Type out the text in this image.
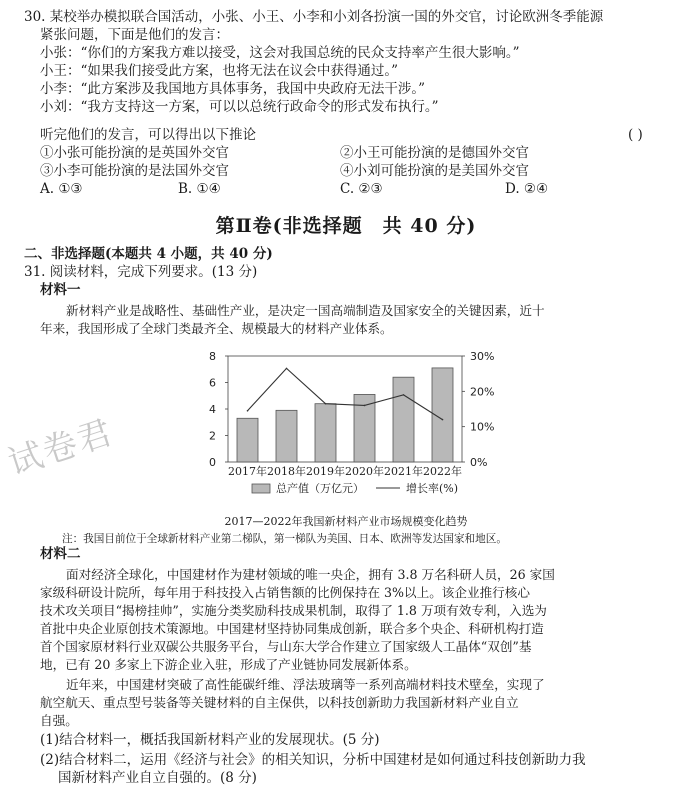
试卷君
30. 某校举办模拟联合国活动，小张、小王、小李和小刘各扮演一国的外交官，讨论欧洲冬季能源
紧张问题，下面是他们的发言：
小张：“你们的方案我方难以接受，这会对我国总统的民众支持率产生很大影响。”
小王：“如果我们接受此方案，也将无法在议会中获得通过。”
小李：“此方案涉及我国地方具体事务，我国中央政府无法干涉。”
小刘：“我方支持这一方案，可以以总统行政命令的形式发布执行。”
听完他们的发言，可以得出以下推论	( )
①小张可能扮演的是英国外交官	②小王可能扮演的是德国外交官
③小李可能扮演的是法国外交官	④小刘可能扮演的是美国外交官
A. ①③	B. ①④	C. ②③	D. ②④
第Ⅱ卷(非选择题　共 40 分)
二、非选择题(本题共 4 小题，共 40 分)
31. 阅读材料，完成下列要求。(13 分)
材料一
新材料产业是战略性、基础性产业，是决定一国高端制造及国家安全的关键因素，近十
年来，我国形成了全球门类最齐全、规模最大的材料产业体系。
0
2
4
6
8
0%
10%
20%
30%
2017年 2018年 2019年 2020年 2021年 2022年
总产值（万亿元）	增长率(%)
2017—2022年我国新材料产业市场规模变化趋势
注：我国目前位于全球新材料产业第二梯队，第一梯队为美国、日本、欧洲等发达国家和地区。
材料二
面对经济全球化，中国建材作为建材领域的唯一央企，拥有 3.8 万名科研人员，26 家国
家级科研设计院所，每年用于科技投入占销售额的比例保持在 3%以上。该企业推行核心
技术攻关项目“揭榜挂帅”，实施分类奖励科技成果机制，取得了 1.8 万项有效专利，入选为
首批中央企业原创技术策源地。中国建材坚持协同集成创新，联合多个央企、科研机构打造
首个国家原材料行业双碳公共服务平台，与山东大学合作建立了国家级人工晶体“双创”基
地，已有 20 多家上下游企业入驻，形成了产业链协同发展新体系。
近年来，中国建材突破了高性能碳纤维、浮法玻璃等一系列高端材料技术壁垒，实现了
航空航天、重点型号装备等关键材料的自主保供，以科技创新助力我国新材料产业自立
自强。
(1)结合材料一，概括我国新材料产业的发展现状。(5 分)
(2)结合材料二，运用《经济与社会》的相关知识，分析中国建材是如何通过科技创新助力我
国新材料产业自立自强的。(8 分)
